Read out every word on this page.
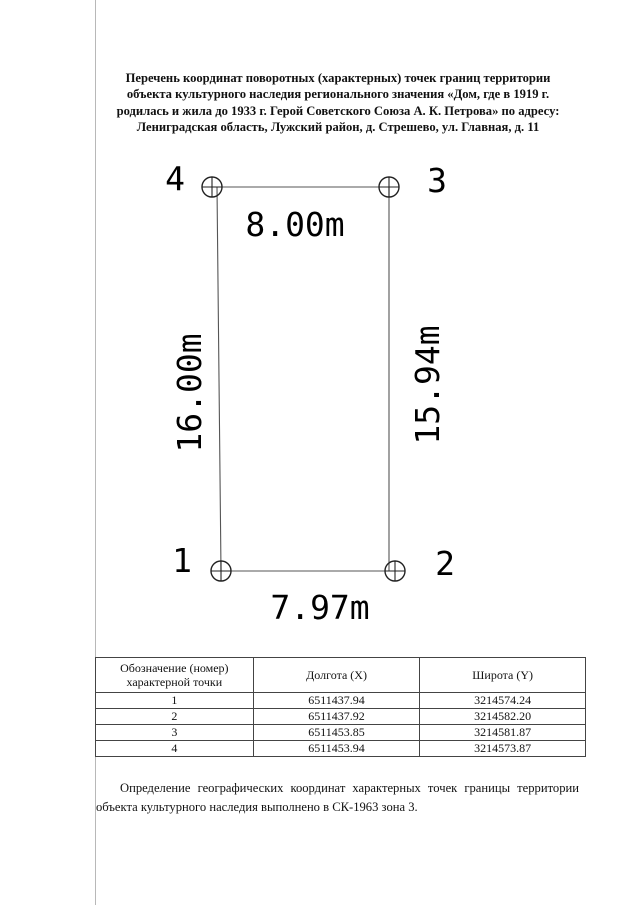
Перечень координат поворотных (характерных) точек границ территории
объекта культурного наследия регионального значения «Дом, где в 1919 г.
родилась и жила до 1933 г. Герой Советского Союза А. К. Петрова» по адресу:
Лениградская область, Лужский район, д. Стрешево, ул. Главная, д. 11
4	3
1	2
8.00m
7.97m
16.00m	15.94m
Обозначение (номер) характерной точки	Долгота (X)	Широта (Y)
1	6511437.94	3214574.24
2	6511437.92	3214582.20
3	6511453.85	3214581.87
4	6511453.94	3214573.87
Определение географических координат характерных точек границы территории объекта культурного наследия выполнено в СК-1963 зона 3.
